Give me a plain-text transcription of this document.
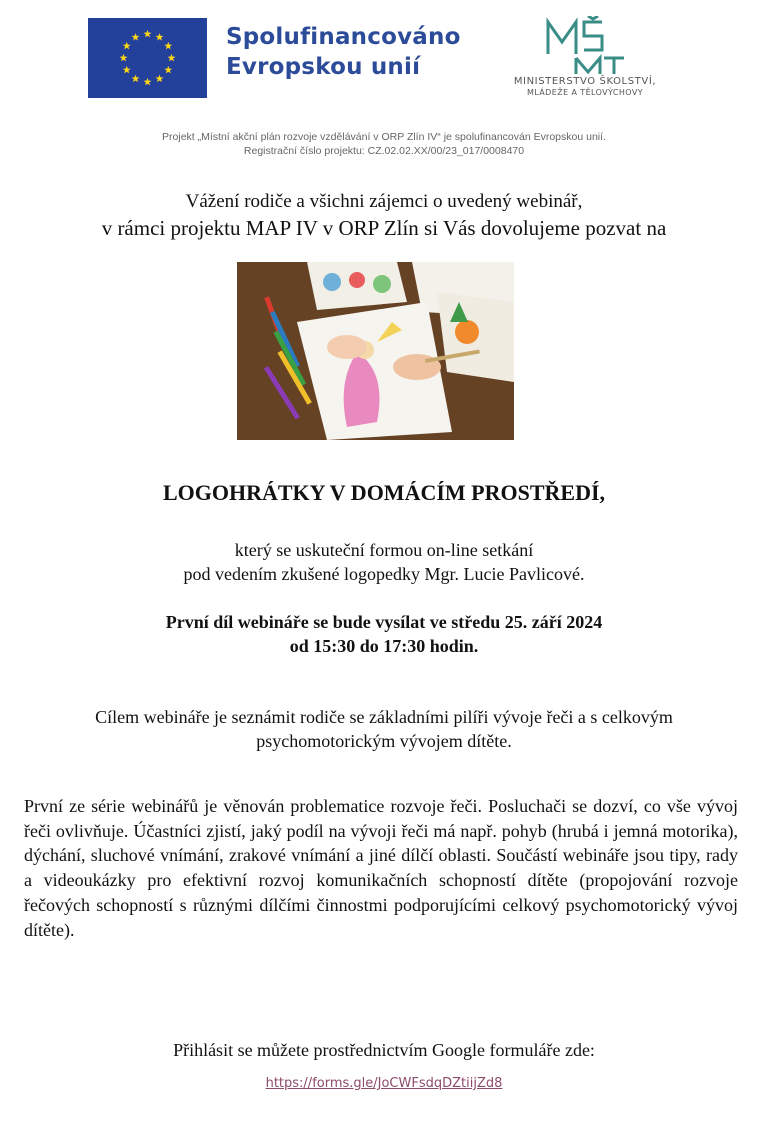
Spolufinancováno
Evropskou unií
MINISTERSTVO ŠKOLSTVÍ,
MLÁDEŽE A TĚLOVÝCHOVY
Projekt „Místní akční plán rozvoje vzdělávání v ORP Zlín IV“ je spolufinancován Evropskou unií.
Registrační číslo projektu: CZ.02.02.XX/00/23_017/0008470
Vážení rodiče a všichni zájemci o uvedený webinář,
v rámci projektu MAP IV v ORP Zlín si Vás dovolujeme pozvat na
LOGOHRÁTKY V DOMÁCÍM PROSTŘEDÍ,
který se uskuteční formou on-line setkání
pod vedením zkušené logopedky Mgr. Lucie Pavlicové.
První díl webináře se bude vysílat ve středu 25. září 2024
od 15:30 do 17:30 hodin.
Cílem webináře je seznámit rodiče se základními pilíři vývoje řeči a s celkovým
psychomotorickým vývojem dítěte.
První ze série webinářů je věnován problematice rozvoje řeči. Posluchači se dozví, co vše vývoj řeči ovlivňuje. Účastníci zjistí, jaký podíl na vývoji řeči má např. pohyb (hrubá i jemná motorika), dýchání, sluchové vnímání, zrakové vnímání a jiné dílčí oblasti. Součástí webináře jsou tipy, rady a videoukázky pro efektivní rozvoj komunikačních schopností dítěte (propojování rozvoje řečových schopností s různými dílčími činnostmi podporujícími celkový psychomotorický vývoj dítěte).
Přihlásit se můžete prostřednictvím Google formuláře zde:
https://forms.gle/JoCWFsdqDZtiijZd8
